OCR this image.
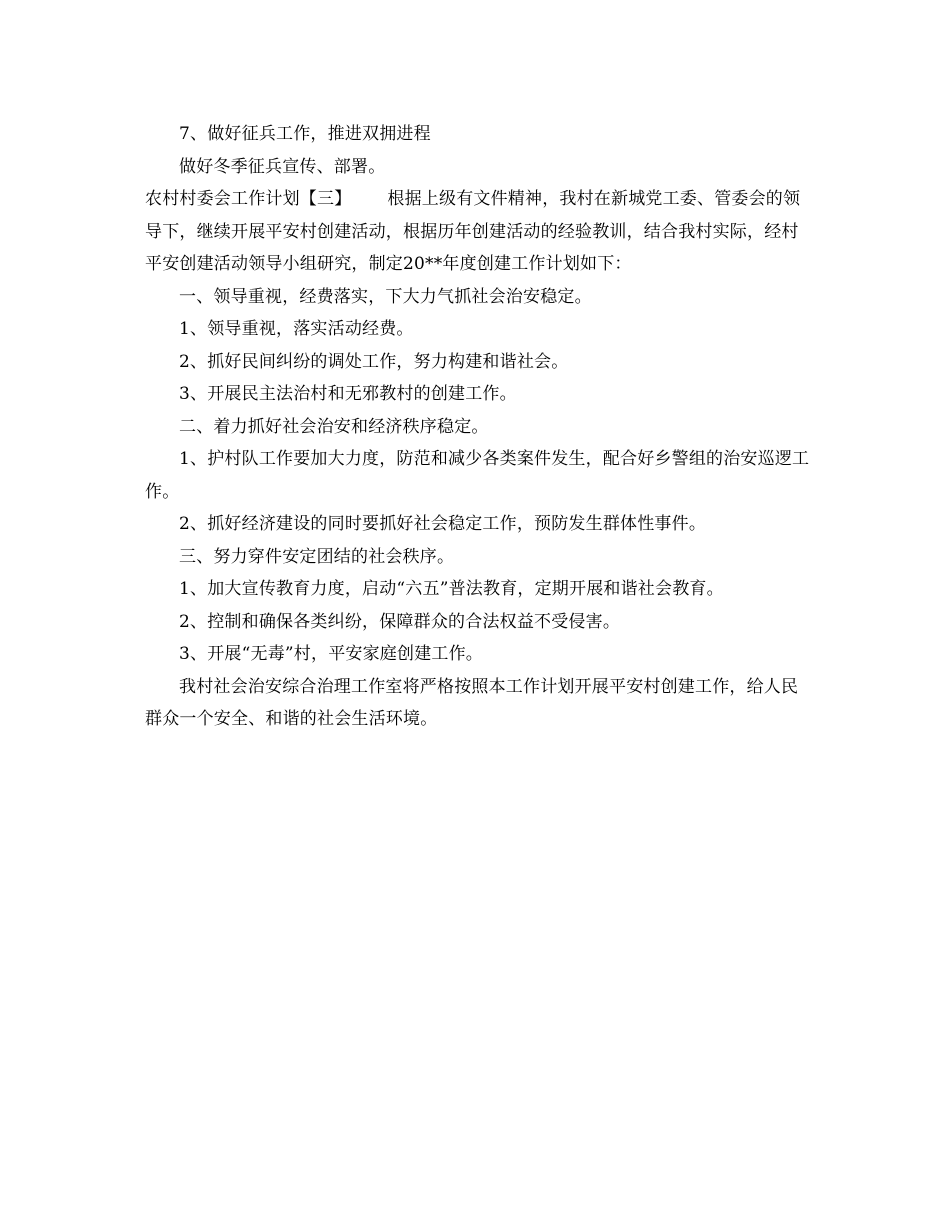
7、做好征兵工作，推进双拥进程

做好冬季征兵宣传、部署。

农村村委会工作计划【三】 根据上级有文件精神，我村在新城党工委、管委会的领导下，继续开展平安村创建活动，根据历年创建活动的经验教训，结合我村实际，经村平安创建活动领导小组研究，制定20**年度创建工作计划如下：

一、领导重视，经费落实，下大力气抓社会治安稳定。

1、领导重视，落实活动经费。

2、抓好民间纠纷的调处工作，努力构建和谐社会。

3、开展民主法治村和无邪教村的创建工作。

二、着力抓好社会治安和经济秩序稳定。

1、护村队工作要加大力度，防范和减少各类案件发生，配合好乡警组的治安巡逻工作。

2、抓好经济建设的同时要抓好社会稳定工作，预防发生群体性事件。

三、努力穿件安定团结的社会秩序。

1、加大宣传教育力度，启动“六五”普法教育，定期开展和谐社会教育。

2、控制和确保各类纠纷，保障群众的合法权益不受侵害。

3、开展“无毒”村，平安家庭创建工作。

我村社会治安综合治理工作室将严格按照本工作计划开展平安村创建工作，给人民群众一个安全、和谐的社会生活环境。
